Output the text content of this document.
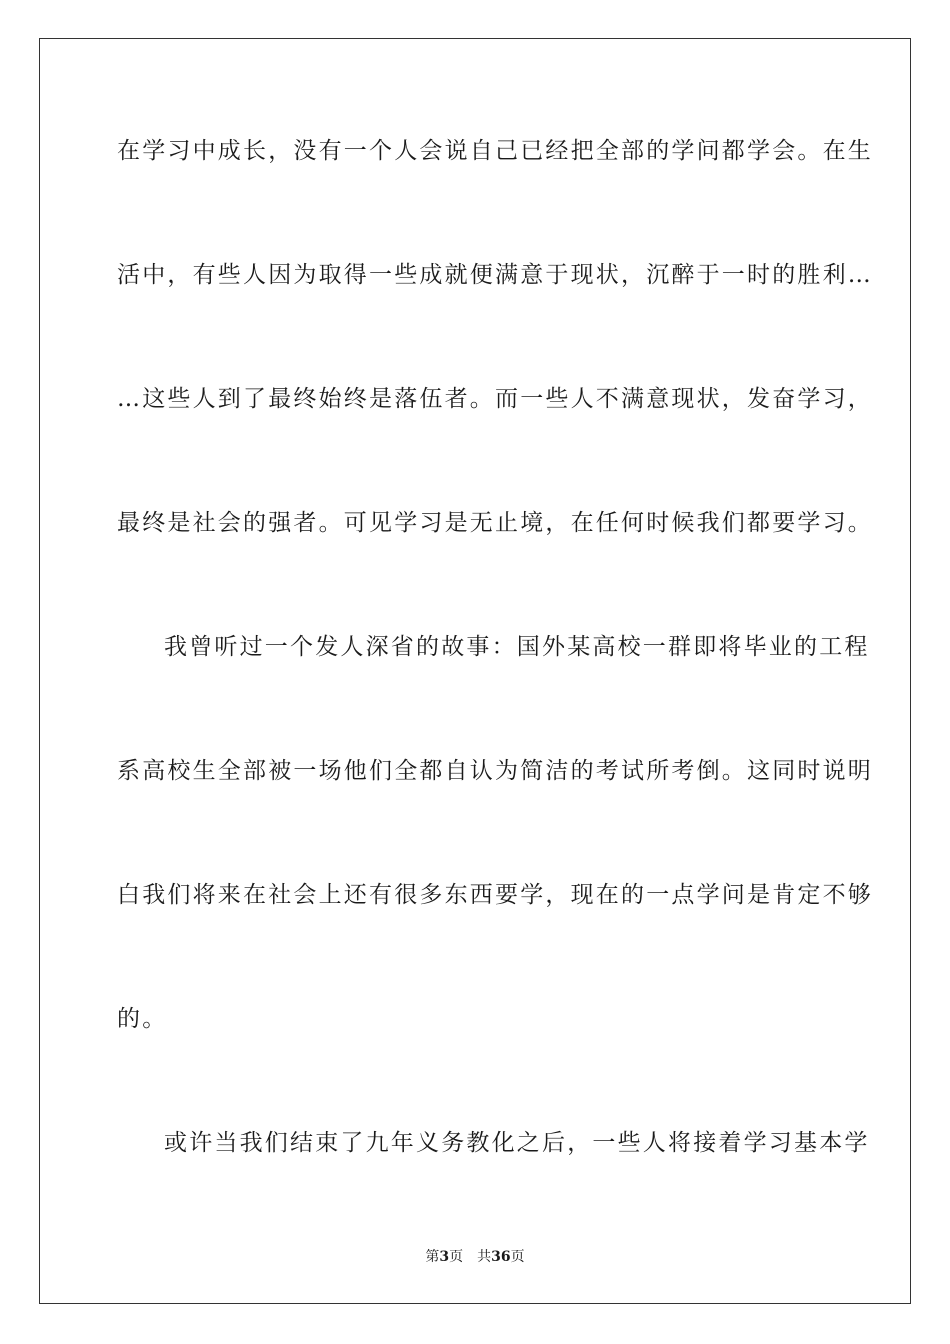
在学习中成长，没有一个人会说自己已经把全部的学问都学会。在生
活中，有些人因为取得一些成就便满意于现状，沉醉于一时的胜利…
…这些人到了最终始终是落伍者。而一些人不满意现状，发奋学习，
最终是社会的强者。可见学习是无止境，在任何时候我们都要学习。
我曾听过一个发人深省的故事：国外某高校一群即将毕业的工程
系高校生全部被一场他们全都自认为简洁的考试所考倒。这同时说明
白我们将来在社会上还有很多东西要学，现在的一点学问是肯定不够
的。
或许当我们结束了九年义务教化之后，一些人将接着学习基本学
第3页 共36页
